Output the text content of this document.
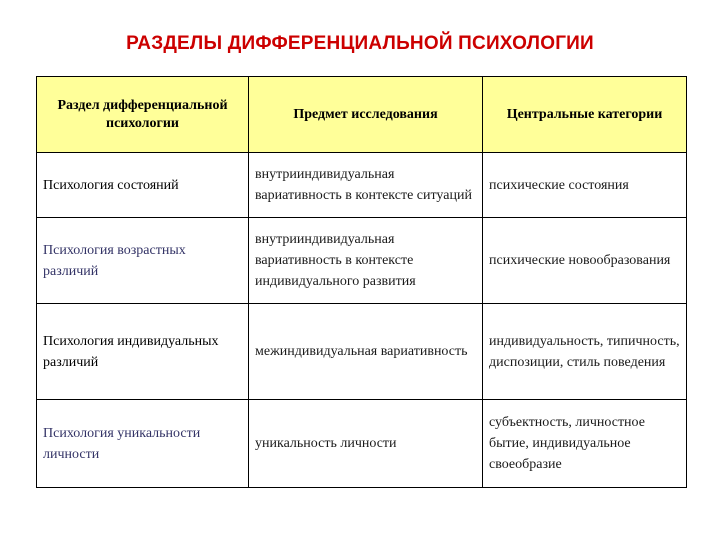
РАЗДЕЛЫ ДИФФЕРЕНЦИАЛЬНОЙ ПСИХОЛОГИИ
Раздел дифференциальной психологии	Предмет исследования	Центральные категории
Психология состояний	внутрииндивидуальная вариативность в контексте ситуаций	психические состояния
Психология возрастных различий	внутрииндивидуальная вариативность в контексте индивидуального развития	психические новообразования
Психология индивидуальных различий	межиндивидуальная вариативность	индивидуальность, типичность, диспозиции, стиль поведения
Психология уникальности личности	уникальность личности	субъектность, личностное бытие, индивидуальное своеобразие
